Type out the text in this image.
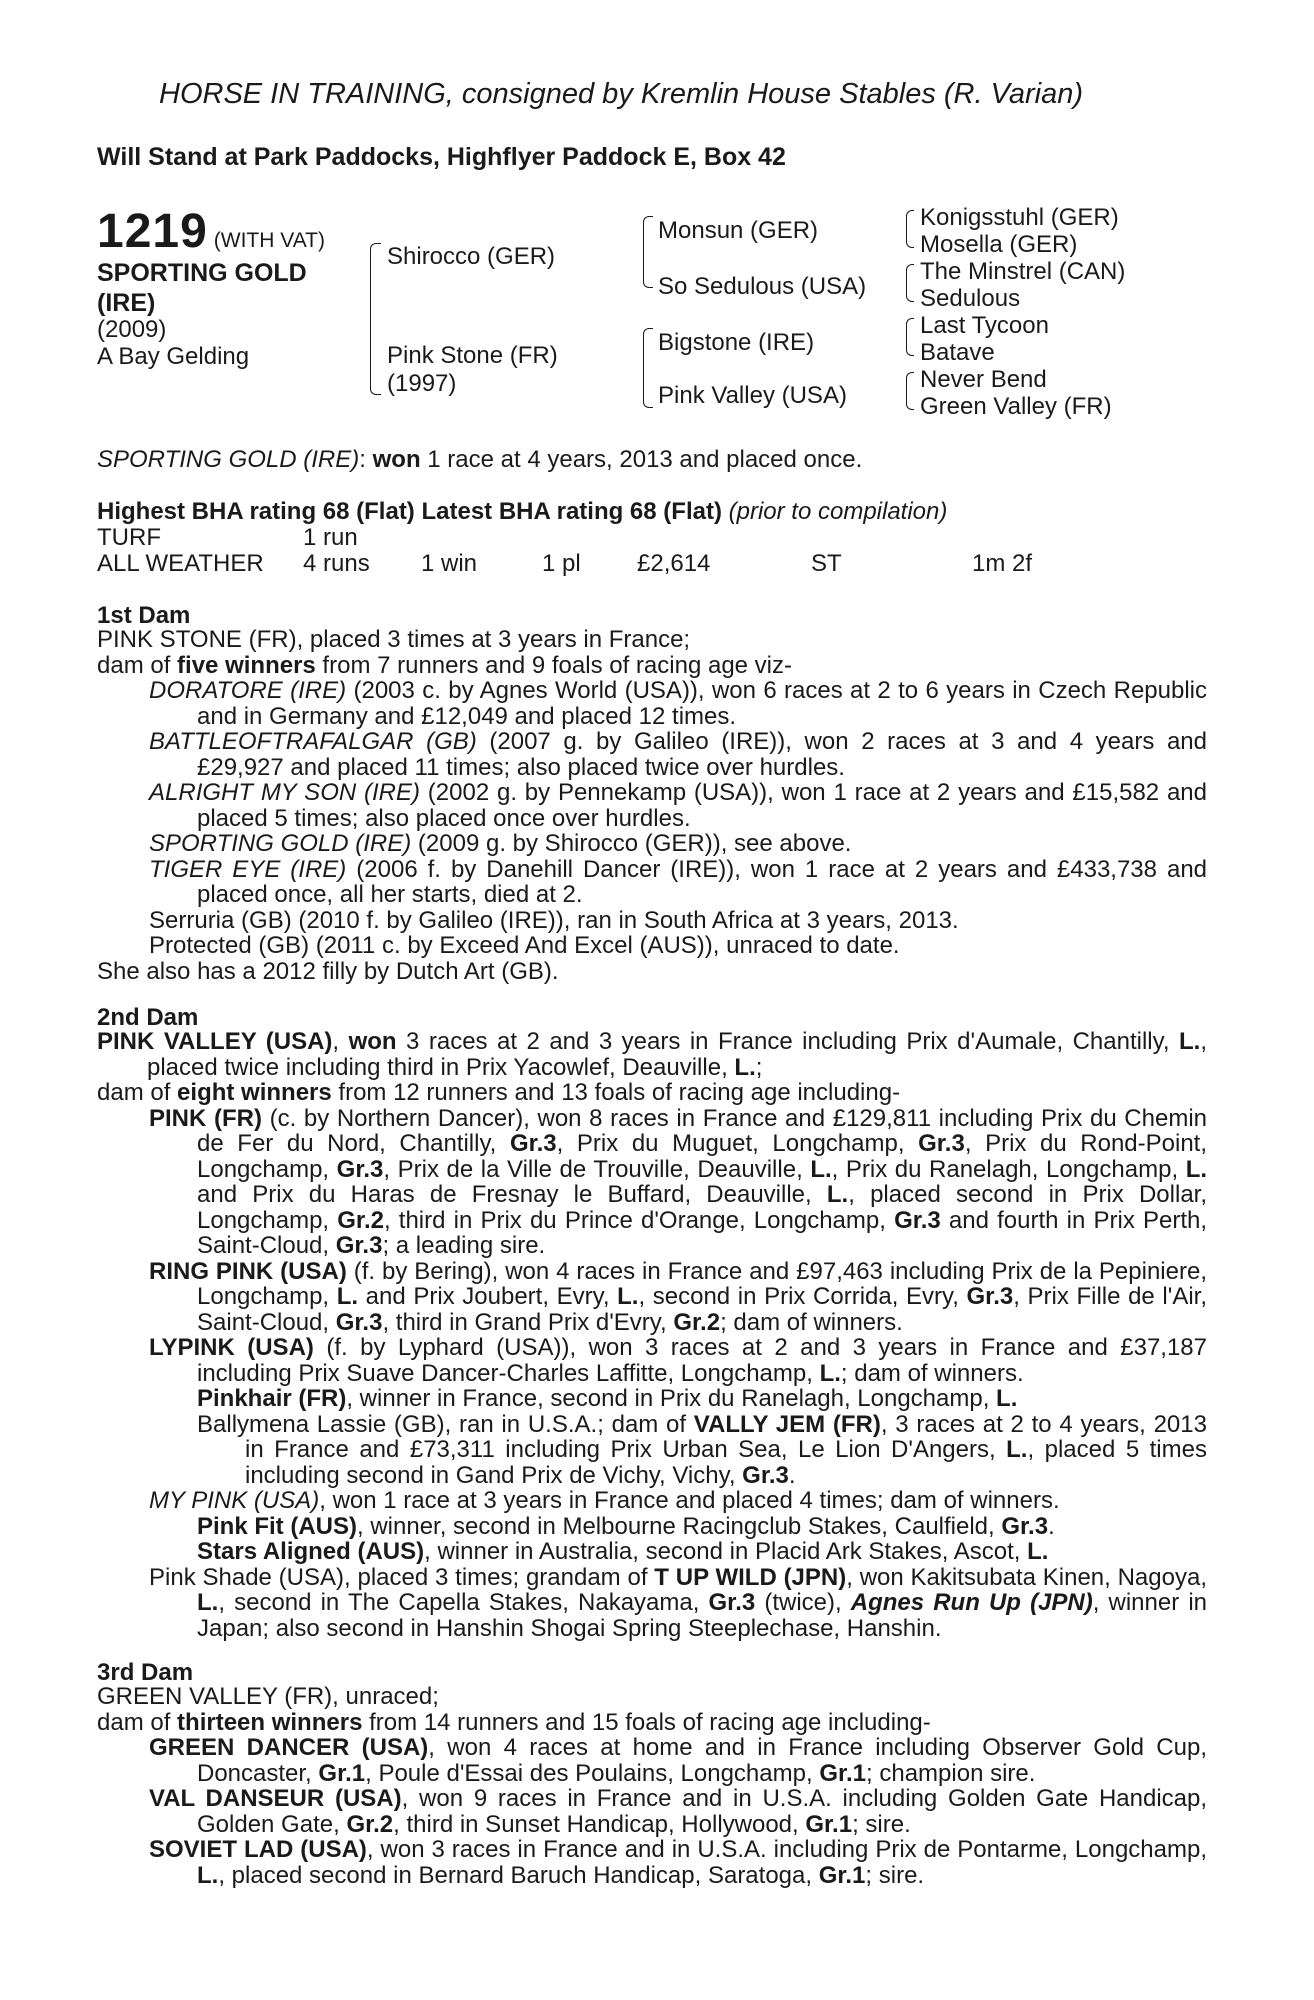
HORSE IN TRAINING, consigned by Kremlin House Stables (R. Varian)
Will Stand at Park Paddocks, Highflyer Paddock E, Box 42
1219 (WITH VAT)
SPORTING GOLD (IRE)
(2009)
A Bay Gelding
Shirocco (GER)
Pink Stone (FR)
(1997)
Monsun (GER)
So Sedulous (USA)
Bigstone (IRE)
Pink Valley (USA)
Konigsstuhl (GER)
Mosella (GER)
The Minstrel (CAN)
Sedulous
Last Tycoon
Batave
Never Bend
Green Valley (FR)
SPORTING GOLD (IRE): won 1 race at 4 years, 2013 and placed once.
Highest BHA rating 68 (Flat) Latest BHA rating 68 (Flat) (prior to compilation)
TURF	1 run
ALL WEATHER 4 runs 1 win	1 pl £2,614	ST	1m 2f
1st Dam
PINK STONE (FR), placed 3 times at 3 years in France;
dam of five winners from 7 runners and 9 foals of racing age viz-
DORATORE (IRE) (2003 c. by Agnes World (USA)), won 6 races at 2 to 6 years in Czech Republic and in Germany and £12,049 and placed 12 times.
BATTLEOFTRAFALGAR (GB) (2007 g. by Galileo (IRE)), won 2 races at 3 and 4 years and £29,927 and placed 11 times; also placed twice over hurdles.
ALRIGHT MY SON (IRE) (2002 g. by Pennekamp (USA)), won 1 race at 2 years and £15,582 and placed 5 times; also placed once over hurdles.
SPORTING GOLD (IRE) (2009 g. by Shirocco (GER)), see above.
TIGER EYE (IRE) (2006 f. by Danehill Dancer (IRE)), won 1 race at 2 years and £433,738 and placed once, all her starts, died at 2.
Serruria (GB) (2010 f. by Galileo (IRE)), ran in South Africa at 3 years, 2013.
Protected (GB) (2011 c. by Exceed And Excel (AUS)), unraced to date.
She also has a 2012 filly by Dutch Art (GB).
2nd Dam
PINK VALLEY (USA), won 3 races at 2 and 3 years in France including Prix d'Aumale, Chantilly, L., placed twice including third in Prix Yacowlef, Deauville, L.;
dam of eight winners from 12 runners and 13 foals of racing age including-
PINK (FR) (c. by Northern Dancer), won 8 races in France and £129,811 including Prix du Chemin de Fer du Nord, Chantilly, Gr.3, Prix du Muguet, Longchamp, Gr.3, Prix du Rond-Point, Longchamp, Gr.3, Prix de la Ville de Trouville, Deauville, L., Prix du Ranelagh, Longchamp, L. and Prix du Haras de Fresnay le Buffard, Deauville, L., placed second in Prix Dollar, Longchamp, Gr.2, third in Prix du Prince d'Orange, Longchamp, Gr.3 and fourth in Prix Perth, Saint-Cloud, Gr.3; a leading sire.
RING PINK (USA) (f. by Bering), won 4 races in France and £97,463 including Prix de la Pepiniere, Longchamp, L. and Prix Joubert, Evry, L., second in Prix Corrida, Evry, Gr.3, Prix Fille de l'Air, Saint-Cloud, Gr.3, third in Grand Prix d'Evry, Gr.2; dam of winners.
LYPINK (USA) (f. by Lyphard (USA)), won 3 races at 2 and 3 years in France and £37,187 including Prix Suave Dancer-Charles Laffitte, Longchamp, L.; dam of winners.
Pinkhair (FR), winner in France, second in Prix du Ranelagh, Longchamp, L.
Ballymena Lassie (GB), ran in U.S.A.; dam of VALLY JEM (FR), 3 races at 2 to 4 years, 2013 in France and £73,311 including Prix Urban Sea, Le Lion D'Angers, L., placed 5 times including second in Gand Prix de Vichy, Vichy, Gr.3.
MY PINK (USA), won 1 race at 3 years in France and placed 4 times; dam of winners.
Pink Fit (AUS), winner, second in Melbourne Racingclub Stakes, Caulfield, Gr.3.
Stars Aligned (AUS), winner in Australia, second in Placid Ark Stakes, Ascot, L.
Pink Shade (USA), placed 3 times; grandam of T UP WILD (JPN), won Kakitsubata Kinen, Nagoya, L., second in The Capella Stakes, Nakayama, Gr.3 (twice), Agnes Run Up (JPN), winner in Japan; also second in Hanshin Shogai Spring Steeplechase, Hanshin.
3rd Dam
GREEN VALLEY (FR), unraced;
dam of thirteen winners from 14 runners and 15 foals of racing age including-
GREEN DANCER (USA), won 4 races at home and in France including Observer Gold Cup, Doncaster, Gr.1, Poule d'Essai des Poulains, Longchamp, Gr.1; champion sire.
VAL DANSEUR (USA), won 9 races in France and in U.S.A. including Golden Gate Handicap, Golden Gate, Gr.2, third in Sunset Handicap, Hollywood, Gr.1; sire.
SOVIET LAD (USA), won 3 races in France and in U.S.A. including Prix de Pontarme, Longchamp, L., placed second in Bernard Baruch Handicap, Saratoga, Gr.1; sire.
